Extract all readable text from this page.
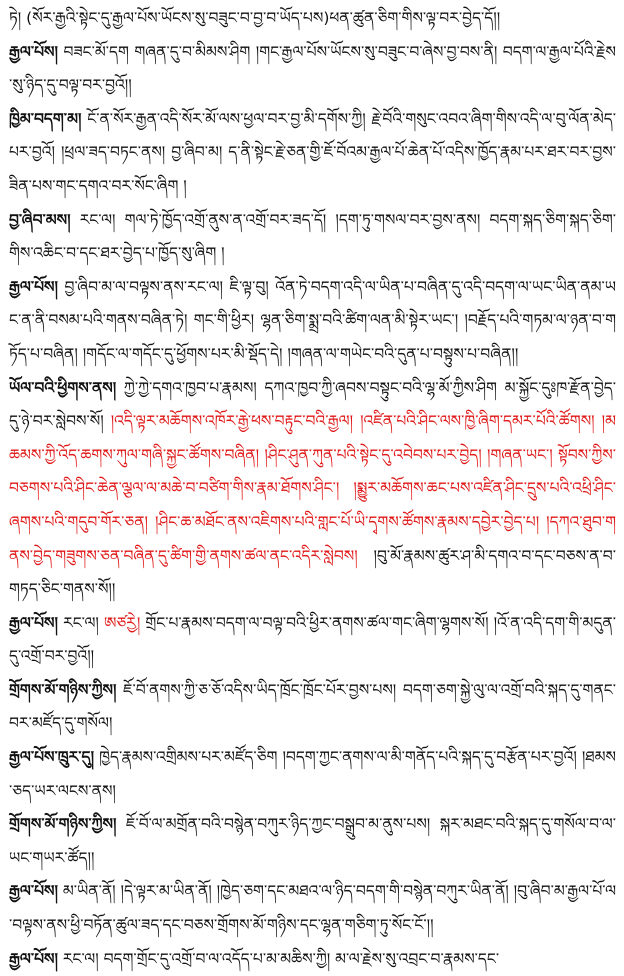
ཏེ། (སོར་རྒྱའི་སྟེང་དུ་རྒྱལ་པོས་ཡོངས་སུ་བཟུང་བ་བྱ་བ་ཡོད་པས)ཕན་ཚུན་ཅིག་གིས་ལྟ་བར་བྱེད་དོ།།

རྒྱལ་པོས། བཟང་མོ་དག གཞན་དུ་བ་མིམས་ཤིག །གང་རྒྱལ་པོས་ཡོངས་སུ་བཟུང་བ་ཞེས་བྱ་བས་ནི། བདག་ལ་རྒྱལ་པོའི་རྗེས་སུ་ཉིད་དུ་བལྟ་བར་བྱའོ།།

ཁྱིམ་བདག་མ། ངོ་ན་སོར་རྒྱན་འདི་སོར་མོ་ལས་ཕྱལ་བར་བྱ་མི་དགོས་ཀྱི། རྗེ་བོའི་གསུང་འབའ་ཞིག་གིས་འདི་ལ་བུ་ལོན་མེད་པར་བྱའོ། །ཕྲལ་ཟད་བཏང་ནས། བྱ་ཞིབ་མ། ད་ནི་སྟེང་རྗེ་ཅན་གྱི་ཇོ་བོའམ་རྒྱལ་པོ་ཆེན་པོ་འདིས་ཁྱོད་རྣམ་པར་ཐར་བར་བྱས་ཟིན་པས་གང་དགའ་བར་སོང་ཞིག །

བྱ་ཞིབ་མས། རང་ལ། གལ་ཏེ་ཁྱོད་འགྲོ་ནུས་ན་འགྲོ་བར་ཟད་དོ། །དག་ཏུ་གསལ་བར་བྱས་ནས། བདག་སྐད་ཅིག་སྐད་ཅིག་གིས་འཆིང་བ་དང་ཐར་བྱེད་པ་ཁྱོད་སུ་ཞིག །

རྒྱལ་པོས། བྱ་ཞིབ་མ་ལ་བལྟས་ནས་རང་ལ། ཇི་ལྟ་བུ། འོན་ཏེ་བདག་འདི་ལ་ཡིན་པ་བཞིན་དུ་འདི་བདག་ལ་ཡང་ཡིན་ནམ་ཡང་ན་ནི་བསམ་པའི་གནས་བཞིན་ཏེ། གང་གི་ཕྱིར། ལྷན་ཅིག་སྨྲ་བའི་ཚིག་ལན་མི་སྟེར་ཡང་། །བརྗོད་པའི་གཏམ་ལ་ཉན་བ་གཏོད་པ་བཞིན། །གདོང་ལ་གདོང་དུ་ཕྱོགས་པར་མི་སྡོད་དེ། །གཞན་ལ་གཡེང་བའི་དུན་པ་བསྟུས་པ་བཞིན།།

ཡོལ་བའི་ཕྱིགས་ནས། ཀྱེ་ཀྱེ་དགའ་ཁྱབ་པ་རྣམས། དཀའ་ཁྱབ་ཀྱི་ཞབས་བསྟུང་བའི་ལྷ་མོ་ཀྱིས་ཤིག མ་སྐྱོང་དུཿཁ་རྫོན་བྱེད་དུ་ཉེ་བར་སླེབས་སོ། །འདི་ལྟར་མཆོགས་འཁོར་རྒྱེ་ཕས་བརྟུང་བའི་རྒྱལ། །འཛིན་པའི་ཤིང་ལས་ཁྱི་ཞིག་དམར་པོའི་ཚོགས། །མཆམས་ཀྱི་འོད་ཆགས་ཀུལ་གཞི་སྐྱང་ཚོགས་བཞིན། །ཤིང་ཤུན་ཀུན་པའི་སྟེང་དུ་འབེབས་པར་བྱེད། །གཞན་ཡང་། སྟོབས་ཀྱིས་བཅགས་པའི་ཤིང་ཆེན་ལྕལ་ལ་མཆེ་བ་བཙིག་གིས་རྣམ་ཐོགས་ཤིང་། །སྨྱུར་མཆོགས་ཆང་པས་འཛིན་ཤིང་དྲུས་པའི་འཕྲི་ཤིང་ཞགས་པའི་གདུབ་གོར་ཅན། །ཤིང་ཆ་མཐོང་ནས་འཇིགས་པའི་གླང་པོ་ཡི་དྭགས་ཚོགས་རྣམས་དབྱེར་བྱེད་པ། །དཀའ་ཐུབ་གནས་བྱེད་གཟུགས་ཅན་བཞིན་དུ་ཚིག་གྱི་ནགས་ཚལ་ནང་འདིར་སླེབས། །བུ་མོ་རྣམས་ཚུར་ཤ་མི་དགའ་བ་དང་བཅས་ན་བ་གཏད་ཅིང་གནས་སོ།།

རྒྱལ་པོས། རང་ལ། ཨཙརྱེ། གྲོང་པ་རྣམས་བདག་ལ་བལྟ་བའི་ཕྱིར་ནགས་ཚལ་གང་ཞིག་ལྷགས་སོ། །འོ་ན་འདི་དག་གི་མདུན་དུ་འགྲོ་བར་བྱའོ།།

གྲོགས་མོ་གཉིས་ཀྱིས། ཇོ་བོ་ནགས་ཀྱི་ཅ་ཅོ་འདིས་ཡིད་ཁྲོང་ཁྲོང་པོར་བྱས་པས། བདག་ཅག་སྐྱེ་ལུ་ལ་འགྲོ་བའི་སྐད་དུ་གནང་བར་མཛོད་དུ་གསོལ།

རྒྱལ་པོས་ཁྲུར་དུ། ཁྱེད་རྣམས་འགྲིམས་པར་མཛོད་ཅིག །བདག་ཀྱང་ནགས་ལ་མི་གནོད་པའི་སྐད་དུ་བརྩོན་པར་བྱའོ། །ཐམས་ཅད་ཡར་ལངས་ནས།

གྲོགས་མོ་གཉིས་ཀྱིས། ཇོ་བོ་ལ་མགྲོན་བའི་བསྙེན་བཀུར་ཉིད་ཀྱང་བསྒྲུབ་མ་ནུས་པས། སྐར་མཐང་བའི་སྐད་དུ་གསོལ་བ་ལ་ཡང་གཡར་ཚོད།།

རྒྱལ་པོས། མ་ཡིན་ནོ། །དེ་ལྟར་མ་ཡིན་ནོ། །ཁྱེད་ཅག་དང་མཐའ་ལ་ཉིད་བདག་གི་བསྙེན་བཀུར་ཡིན་ནོ། །བུ་ཞིབ་མ་རྒྱལ་པོ་ལ་བལྟས་ནས་ཕྱི་བཏོན་ཚུལ་ཟད་དང་བཅས་གྲོགས་མོ་གཉིས་དང་ལྷན་གཅིག་ཏུ་སོང་ངོ་།།

རྒྱལ་པོས། རང་ལ། བདག་གྲོང་དུ་འགྲོ་བ་ལ་འདོད་པ་མ་མཆིས་ཀྱི། མ་ལ་རྗེས་སུ་འབྲང་བ་རྣམས་དང་
